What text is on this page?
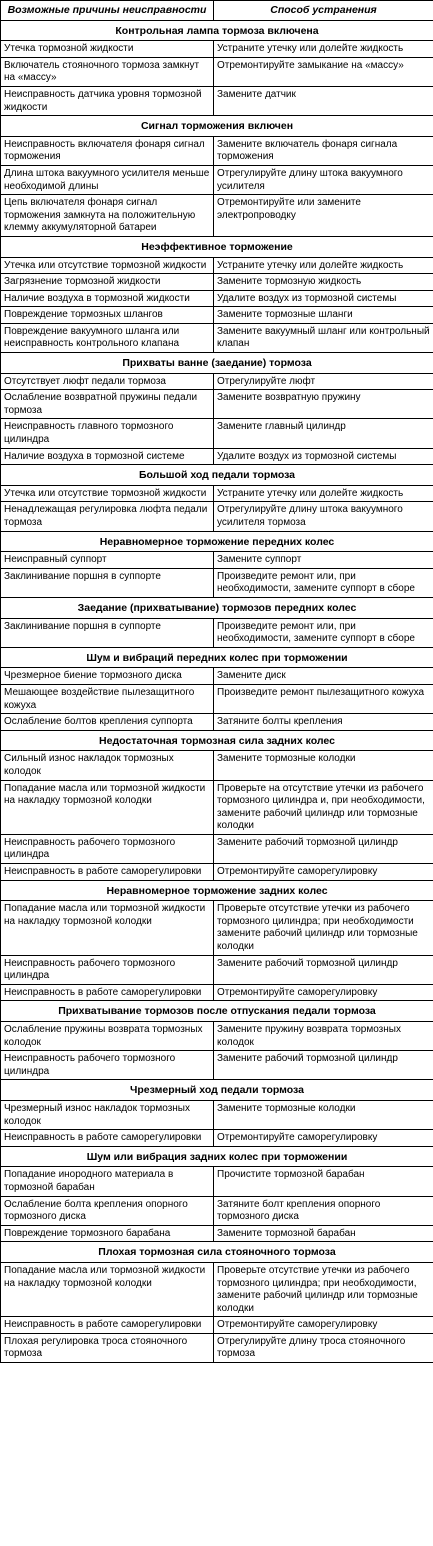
Возможные причины неисправности	Способ устранения
Контрольная лампа тормоза включена	
Утечка тормозной жидкости	Устраните утечку или долейте жидкость
Включатель стояночного тормоза замкнут на «массу»	Отремонтируйте замыкание на «массу»
Неисправность датчика уровня тормозной жидкости	Замените датчик
Сигнал торможения включен	
Неисправность включателя фонаря сигнал торможения	Замените включатель фонаря сигнала торможения
Длина штока вакуумного усилителя меньше необходимой длины	Отрегулируйте длину штока вакуумного усилителя
Цепь включателя фонаря сигнал торможения замкнута на положительную клемму аккумуляторной батареи	Отремонтируйте или замените электропроводку
Неэффективное торможение	
Утечка или отсутствие тормозной жидкости	Устраните утечку или долейте жидкость
Загрязнение тормозной жидкости	Замените тормозную жидкость
Наличие воздуха в тормозной жидкости	Удалите воздух из тормозной системы
Повреждение тормозных шлангов	Замените тормозные шланги
Повреждение вакуумного шланга или неисправность контрольного клапана	Замените вакуумный шланг или контрольный клапан
Прихваты ванне (заедание) тормоза	
Отсутствует люфт педали тормоза	Отрегулируйте люфт
Ослабление возвратной пружины педали тормоза	Замените возвратную пружину
Неисправность главного тормозного цилиндра	Замените главный цилиндр
Наличие воздуха в тормозной системе	Удалите воздух из тормозной системы
Большой ход педали тормоза	
Утечка или отсутствие тормозной жидкости	Устраните утечку или долейте жидкость
Ненадлежащая регулировка люфта педали тормоза	Отрегулируйте длину штока вакуумного усилителя тормоза
Неравномерное торможение передних колес	
Неисправный суппорт	Замените суппорт
Заклинивание поршня в суппорте	Произведите ремонт или, при необходимости, замените суппорт в сборе
Заедание (прихватывание) тормозов передних колес	
Заклинивание поршня в суппорте	Произведите ремонт или, при необходимости, замените суппорт в сборе
Шум и вибраций передних колес при торможении	
Чрезмерное биение тормозного диска	Замените диск
Мешающее воздействие пылезащитного кожуха	Произведите ремонт пылезащитного кожуха
Ослабление болтов крепления суппорта	Затяните болты крепления
Недостаточная тормозная сила задних колес	
Сильный износ накладок тормозных колодок	Замените тормозные колодки
Попадание масла или тормозной жидкости на накладку тормозной колодки	Проверьте на отсутствие утечки из рабочего тормозного цилиндра и, при необходимости, замените рабочий цилиндр или тормозные колодки
Неисправность рабочего тормозного цилиндра	Замените рабочий тормозной цилиндр
Неисправность в работе саморегулировки	Отремонтируйте саморегулировку
Неравномерное торможение задних колес	
Попадание масла или тормозной жидкости на накладку тормозной колодки	Проверьте отсутствие утечки из рабочего тормозного цилиндра; при необходимости замените рабочий цилиндр или тормозные колодки
Неисправность рабочего тормозного цилиндра	Замените рабочий тормозной цилиндр
Неисправность в работе саморегулировки	Отремонтируйте саморегулировку
Прихватывание тормозов после отпускания педали тормоза	
Ослабление пружины возврата тормозных колодок	Замените пружину возврата тормозных колодок
Неисправность рабочего тормозного цилиндра	Замените рабочий тормозной цилиндр
Чрезмерный ход педали тормоза	
Чрезмерный износ накладок тормозных колодок	Замените тормозные колодки
Неисправность в работе саморегулировки	Отремонтируйте саморегулировку
Шум или вибрация задних колес при торможении	
Попадание инородного материала в тормозной барабан	Прочистите тормозной барабан
Ослабление болта крепления опорного тормозного диска	Затяните болт крепления опорного тормозного диска
Повреждение тормозного барабана	Замените тормозной барабан
Плохая тормозная сила стояночного тормоза	
Попадание масла или тормозной жидкости на накладку тормозной колодки	Проверьте отсутствие утечки из рабочего тормозного цилиндра; при необходимости, замените рабочий цилиндр или тормозные колодки
Неисправность в работе саморегулировки	Отремонтируйте саморегулировку
Плохая регулировка троса стояночного тормоза	Отрегулируйте длину троса стояночного тормоза
